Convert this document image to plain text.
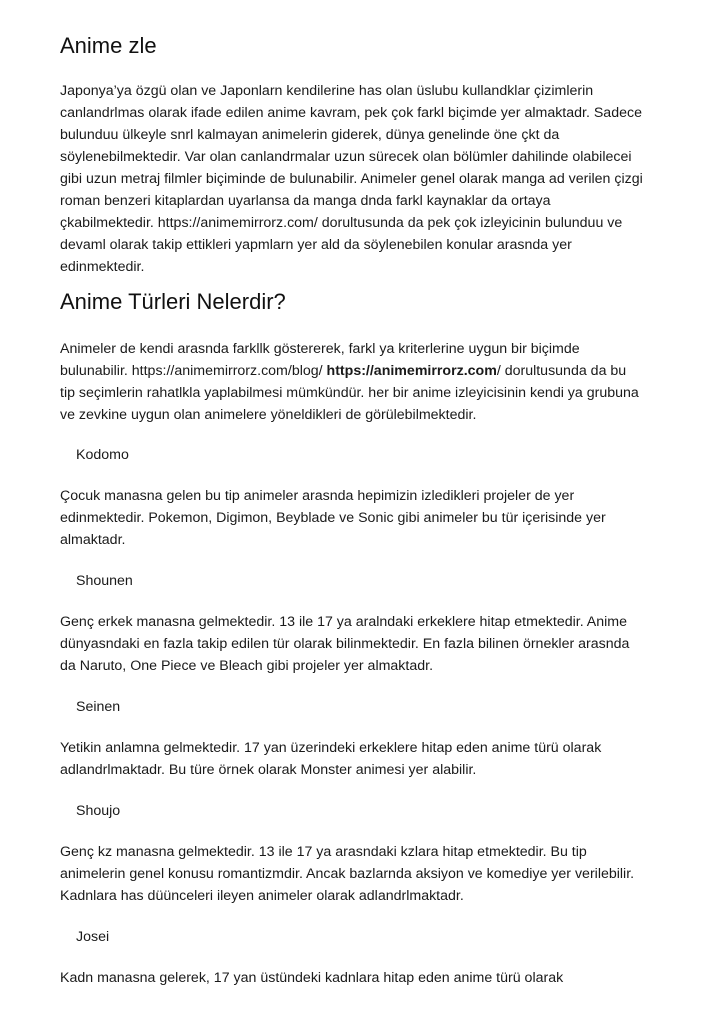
Anime zle

Japonya’ya özgü olan ve Japonlarn kendilerine has olan üslubu kullandklar çizimlerin
canlandrlmas olarak ifade edilen anime kavram, pek çok farkl biçimde yer almaktadr. Sadece
bulunduu ülkeyle snrl kalmayan animelerin giderek, dünya genelinde öne çkt da
söylenebilmektedir. Var olan canlandrmalar uzun sürecek olan bölümler dahilinde olabilecei
gibi uzun metraj filmler biçiminde de bulunabilir. Animeler genel olarak manga ad verilen çizgi
roman benzeri kitaplardan uyarlansa da manga dnda farkl kaynaklar da ortaya
çkabilmektedir. https://animemirrorz.com/ dorultusunda da pek çok izleyicinin bulunduu ve
devaml olarak takip ettikleri yapmlarn yer ald da söylenebilen konular arasnda yer
edinmektedir.

Anime Türleri Nelerdir?

Animeler de kendi arasnda farkllk göstererek, farkl ya kriterlerine uygun bir biçimde
bulunabilir. https://animemirrorz.com/blog/ https://animemirrorz.com/ dorultusunda da bu
tip seçimlerin rahatlkla yaplabilmesi mümkündür. her bir anime izleyicisinin kendi ya grubuna
ve zevkine uygun olan animelere yöneldikleri de görülebilmektedir.

Kodomo

Çocuk manasna gelen bu tip animeler arasnda hepimizin izledikleri projeler de yer
edinmektedir. Pokemon, Digimon, Beyblade ve Sonic gibi animeler bu tür içerisinde yer
almaktadr.

Shounen

Genç erkek manasna gelmektedir. 13 ile 17 ya aralndaki erkeklere hitap etmektedir. Anime
dünyasndaki en fazla takip edilen tür olarak bilinmektedir. En fazla bilinen örnekler arasnda
da Naruto, One Piece ve Bleach gibi projeler yer almaktadr.

Seinen

Yetikin anlamna gelmektedir. 17 yan üzerindeki erkeklere hitap eden anime türü olarak
adlandrlmaktadr. Bu türe örnek olarak Monster animesi yer alabilir.

Shoujo

Genç kz manasna gelmektedir. 13 ile 17 ya arasndaki kzlara hitap etmektedir. Bu tip
animelerin genel konusu romantizmdir. Ancak bazlarnda aksiyon ve komediye yer verilebilir.
Kadnlara has düünceleri ileyen animeler olarak adlandrlmaktadr.

Josei

Kadn manasna gelerek, 17 yan üstündeki kadnlara hitap eden anime türü olarak
